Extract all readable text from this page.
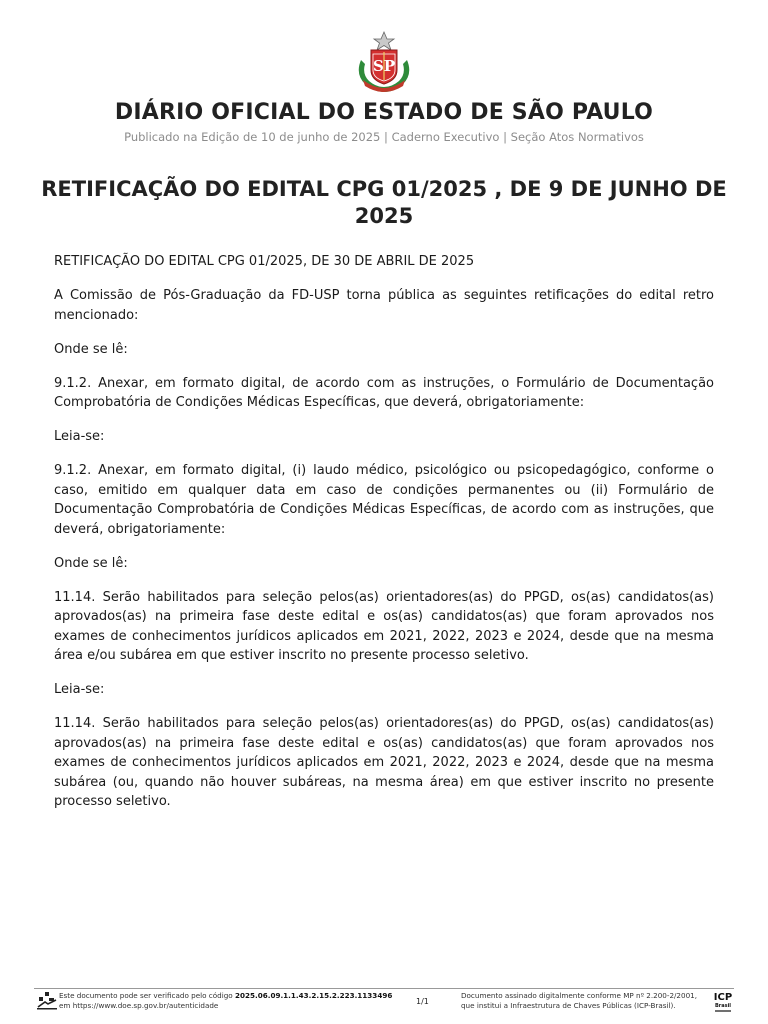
SP
DIÁRIO OFICIAL DO ESTADO DE SÃO PAULO
Publicado na Edição de 10 de junho de 2025 | Caderno Executivo | Seção Atos Normativos
RETIFICAÇÃO DO EDITAL CPG 01/2025 , DE 9 DE JUNHO DE 2025

RETIFICAÇÃO DO EDITAL CPG 01/2025, DE 30 DE ABRIL DE 2025

A Comissão de Pós-Graduação da FD-USP torna pública as seguintes retificações do edital retro mencionado:

Onde se lê:

9.1.2. Anexar, em formato digital, de acordo com as instruções, o Formulário de Documentação Comprobatória de Condições Médicas Específicas, que deverá, obrigatoriamente:

Leia-se:

9.1.2. Anexar, em formato digital, (i) laudo médico, psicológico ou psicopedagógico, conforme o caso, emitido em qualquer data em caso de condições permanentes ou (ii) Formulário de Documentação Comprobatória de Condições Médicas Específicas, de acordo com as instruções, que deverá, obrigatoriamente:

Onde se lê:

11.14. Serão habilitados para seleção pelos(as) orientadores(as) do PPGD, os(as) candidatos(as) aprovados(as) na primeira fase deste edital e os(as) candidatos(as) que foram aprovados nos exames de conhecimentos jurídicos aplicados em 2021, 2022, 2023 e 2024, desde que na mesma área e/ou subárea em que estiver inscrito no presente processo seletivo.

Leia-se:

11.14. Serão habilitados para seleção pelos(as) orientadores(as) do PPGD, os(as) candidatos(as) aprovados(as) na primeira fase deste edital e os(as) candidatos(as) que foram aprovados nos exames de conhecimentos jurídicos aplicados em 2021, 2022, 2023 e 2024, desde que na mesma subárea (ou, quando não houver subáreas, na mesma área) em que estiver inscrito no presente processo seletivo.

Este documento pode ser verificado pelo código 2025.06.09.1.1.43.2.15.2.223.1133496
em https://www.doe.sp.gov.br/autenticidade	1/1
Documento assinado digitalmente conforme MP nº 2.200-2/2001,
que institui a Infraestrutura de Chaves Públicas (ICP-Brasil).
ICP
Brasil
